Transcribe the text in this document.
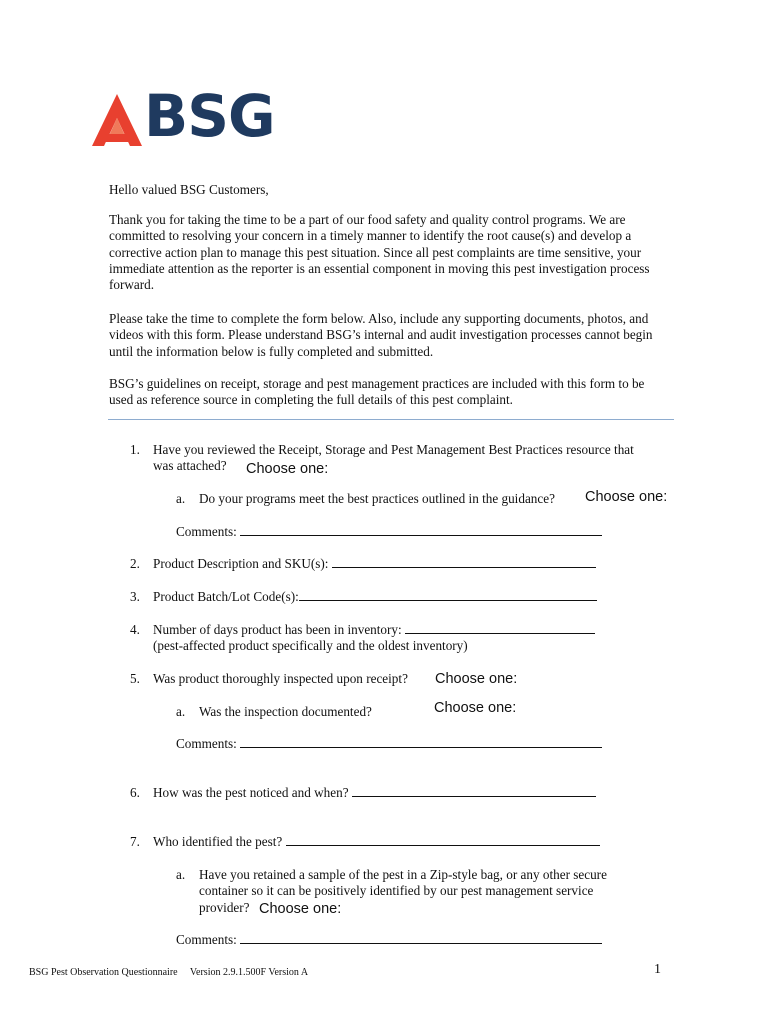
BSG
Hello valued BSG Customers,
Thank you for taking the time to be a part of our food safety and quality control programs. We are committed to resolving your concern in a timely manner to identify the root cause(s) and develop a corrective action plan to manage this pest situation. Since all pest complaints are time sensitive, your immediate attention as the reporter is an essential component in moving this pest investigation process forward.
Please take the time to complete the form below. Also, include any supporting documents, photos, and videos with this form. Please understand BSG’s internal and audit investigation processes cannot begin until the information below is fully completed and submitted.
BSG’s guidelines on receipt, storage and pest management practices are included with this form to be used as reference source in completing the full details of this pest complaint.
1. Have you reviewed the Receipt, Storage and Pest Management Best Practices resource that
was attached? Choose one:
a. Do your programs meet the best practices outlined in the guidance? Choose one:
Comments:
2. Product Description and SKU(s):
3. Product Batch/Lot Code(s):
4. Number of days product has been in inventory:
(pest-affected product specifically and the oldest inventory)
5. Was product thoroughly inspected upon receipt? Choose one:
a. Was the inspection documented?	Choose one:
Comments:
6. How was the pest noticed and when?
7. Who identified the pest?
a. Have you retained a sample of the pest in a Zip-style bag, or any other secure
container so it can be positively identified by our pest management service
provider? Choose one:
Comments:
BSG Pest Observation Questionnaire Version 2.9.1.500F Version A	1
